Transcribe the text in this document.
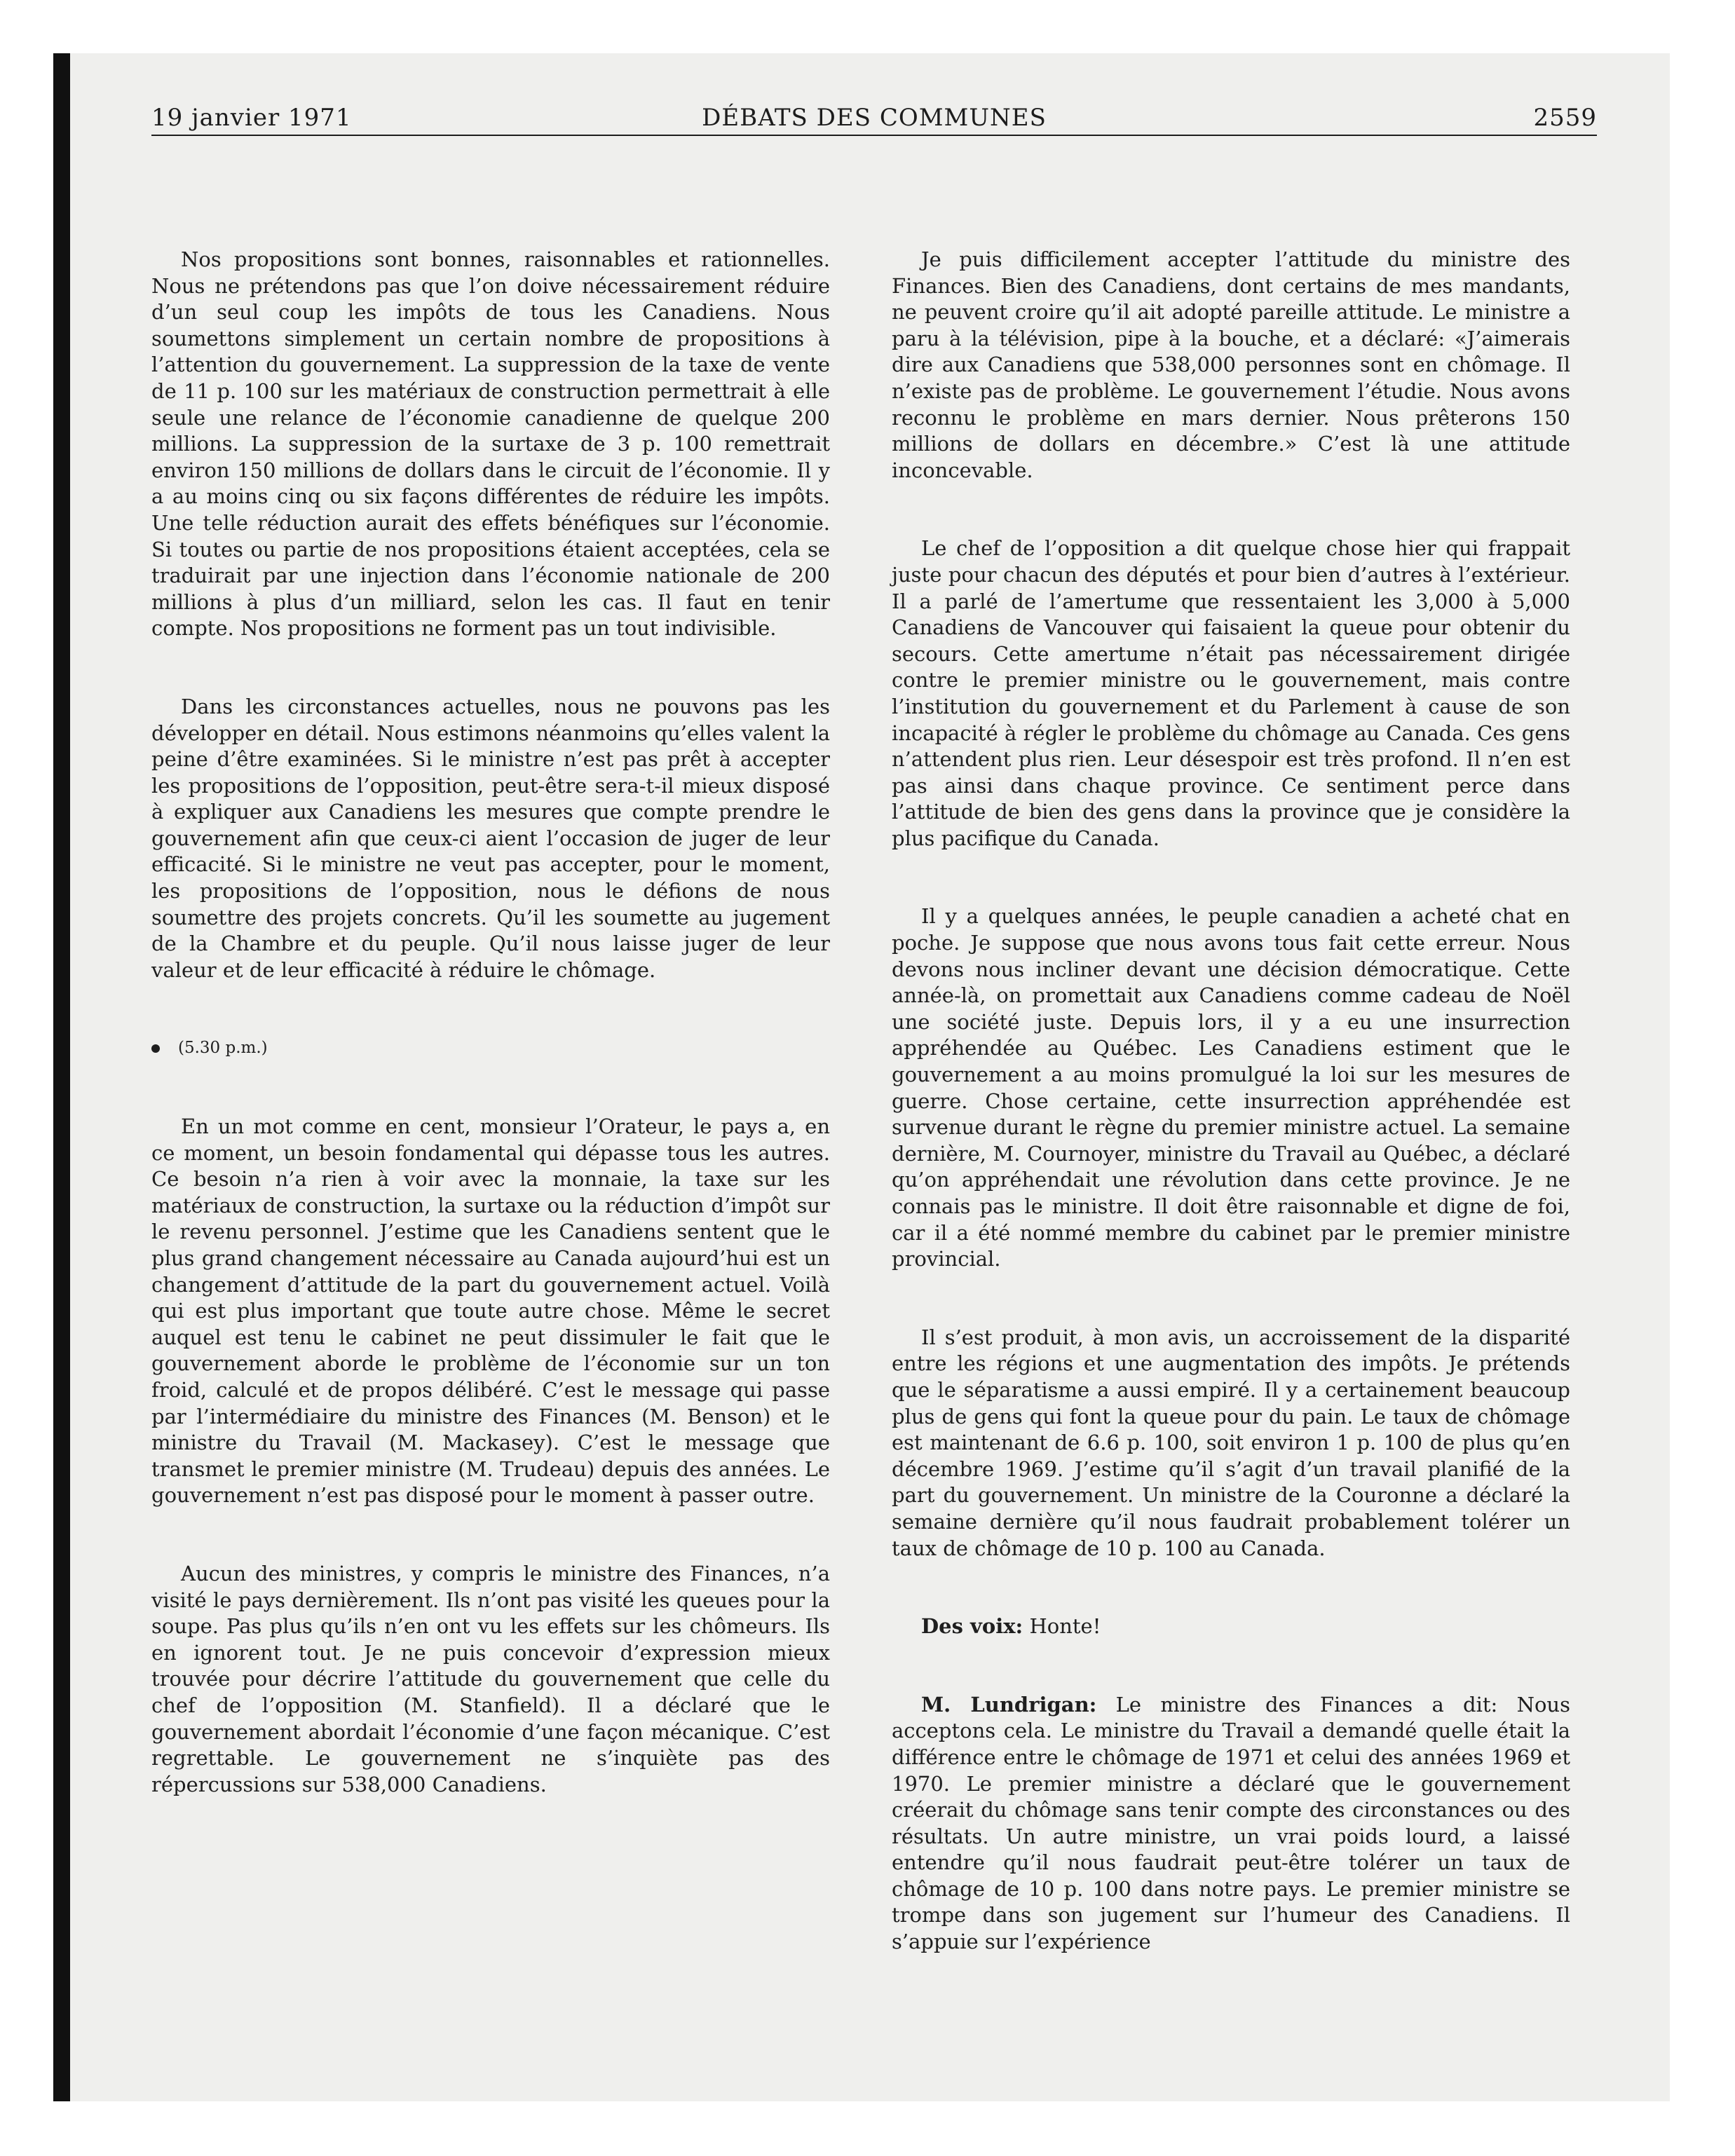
19 janvier 1971	DÉBATS DES COMMUNES	2559

Nos propositions sont bonnes, raisonnables et rationnelles. Nous ne prétendons pas que l’on doive nécessairement réduire d’un seul coup les impôts de tous les Canadiens. Nous soumettons simplement un certain nombre de propositions à l’attention du gouvernement. La suppression de la taxe de vente de 11 p. 100 sur les matériaux de construction permettrait à elle seule une relance de l’économie canadienne de quelque 200 millions. La suppression de la surtaxe de 3 p. 100 remettrait environ 150 millions de dollars dans le circuit de l’économie. Il y a au moins cinq ou six façons différentes de réduire les impôts. Une telle réduction aurait des effets bénéfiques sur l’économie. Si toutes ou partie de nos propositions étaient acceptées, cela se traduirait par une injection dans l’économie nationale de 200 millions à plus d’un milliard, selon les cas. Il faut en tenir compte. Nos propositions ne forment pas un tout indivisible.

Dans les circonstances actuelles, nous ne pouvons pas les développer en détail. Nous estimons néanmoins qu’elles valent la peine d’être examinées. Si le ministre n’est pas prêt à accepter les propositions de l’opposition, peut-être sera-t-il mieux disposé à expliquer aux Canadiens les mesures que compte prendre le gouvernement afin que ceux-ci aient l’occasion de juger de leur efficacité. Si le ministre ne veut pas accepter, pour le moment, les propositions de l’opposition, nous le défions de nous soumettre des projets concrets. Qu’il les soumette au jugement de la Chambre et du peuple. Qu’il nous laisse juger de leur valeur et de leur efficacité à réduire le chômage.

(5.30 p.m.)

En un mot comme en cent, monsieur l’Orateur, le pays a, en ce moment, un besoin fondamental qui dépasse tous les autres. Ce besoin n’a rien à voir avec la monnaie, la taxe sur les matériaux de construction, la surtaxe ou la réduction d’impôt sur le revenu personnel. J’estime que les Canadiens sentent que le plus grand changement nécessaire au Canada aujourd’hui est un changement d’attitude de la part du gouvernement actuel. Voilà qui est plus important que toute autre chose. Même le secret auquel est tenu le cabinet ne peut dissimuler le fait que le gouvernement aborde le problème de l’économie sur un ton froid, calculé et de propos délibéré. C’est le message qui passe par l’intermédiaire du ministre des Finances (M. Benson) et le ministre du Travail (M. Mackasey). C’est le message que transmet le premier ministre (M. Trudeau) depuis des années. Le gouvernement n’est pas disposé pour le moment à passer outre.

Aucun des ministres, y compris le ministre des Finances, n’a visité le pays dernièrement. Ils n’ont pas visité les queues pour la soupe. Pas plus qu’ils n’en ont vu les effets sur les chômeurs. Ils en ignorent tout. Je ne puis concevoir d’expression mieux trouvée pour décrire l’attitude du gouvernement que celle du chef de l’opposition (M. Stanfield). Il a déclaré que le gouvernement abordait l’économie d’une façon mécanique. C’est regrettable. Le gouvernement ne s’inquiète pas des répercussions sur 538,000 Canadiens.

Je puis difficilement accepter l’attitude du ministre des Finances. Bien des Canadiens, dont certains de mes mandants, ne peuvent croire qu’il ait adopté pareille attitude. Le ministre a paru à la télévision, pipe à la bouche, et a déclaré: «J’aimerais dire aux Canadiens que 538,000 personnes sont en chômage. Il n’existe pas de problème. Le gouvernement l’étudie. Nous avons reconnu le problème en mars dernier. Nous prêterons 150 millions de dollars en décembre.» C’est là une attitude inconcevable.

Le chef de l’opposition a dit quelque chose hier qui frappait juste pour chacun des députés et pour bien d’autres à l’extérieur. Il a parlé de l’amertume que ressentaient les 3,000 à 5,000 Canadiens de Vancouver qui faisaient la queue pour obtenir du secours. Cette amertume n’était pas nécessairement dirigée contre le premier ministre ou le gouvernement, mais contre l’institution du gouvernement et du Parlement à cause de son incapacité à régler le problème du chômage au Canada. Ces gens n’attendent plus rien. Leur désespoir est très profond. Il n’en est pas ainsi dans chaque province. Ce sentiment perce dans l’attitude de bien des gens dans la province que je considère la plus pacifique du Canada.

Il y a quelques années, le peuple canadien a acheté chat en poche. Je suppose que nous avons tous fait cette erreur. Nous devons nous incliner devant une décision démocratique. Cette année-là, on promettait aux Canadiens comme cadeau de Noël une société juste. Depuis lors, il y a eu une insurrection appréhendée au Québec. Les Canadiens estiment que le gouvernement a au moins promulgué la loi sur les mesures de guerre. Chose certaine, cette insurrection appréhendée est survenue durant le règne du premier ministre actuel. La semaine dernière, M. Cournoyer, ministre du Travail au Québec, a déclaré qu’on appréhendait une révolution dans cette province. Je ne connais pas le ministre. Il doit être raisonnable et digne de foi, car il a été nommé membre du cabinet par le premier ministre provincial.

Il s’est produit, à mon avis, un accroissement de la disparité entre les régions et une augmentation des impôts. Je prétends que le séparatisme a aussi empiré. Il y a certainement beaucoup plus de gens qui font la queue pour du pain. Le taux de chômage est maintenant de 6.6 p. 100, soit environ 1 p. 100 de plus qu’en décembre 1969. J’estime qu’il s’agit d’un travail planifié de la part du gouvernement. Un ministre de la Couronne a déclaré la semaine dernière qu’il nous faudrait probablement tolérer un taux de chômage de 10 p. 100 au Canada.

Des voix: Honte!

M. Lundrigan: Le ministre des Finances a dit: Nous acceptons cela. Le ministre du Travail a demandé quelle était la différence entre le chômage de 1971 et celui des années 1969 et 1970. Le premier ministre a déclaré que le gouvernement créerait du chômage sans tenir compte des circonstances ou des résultats. Un autre ministre, un vrai poids lourd, a laissé entendre qu’il nous faudrait peut-être tolérer un taux de chômage de 10 p. 100 dans notre pays. Le premier ministre se trompe dans son jugement sur l’humeur des Canadiens. Il s’appuie sur l’expérience
